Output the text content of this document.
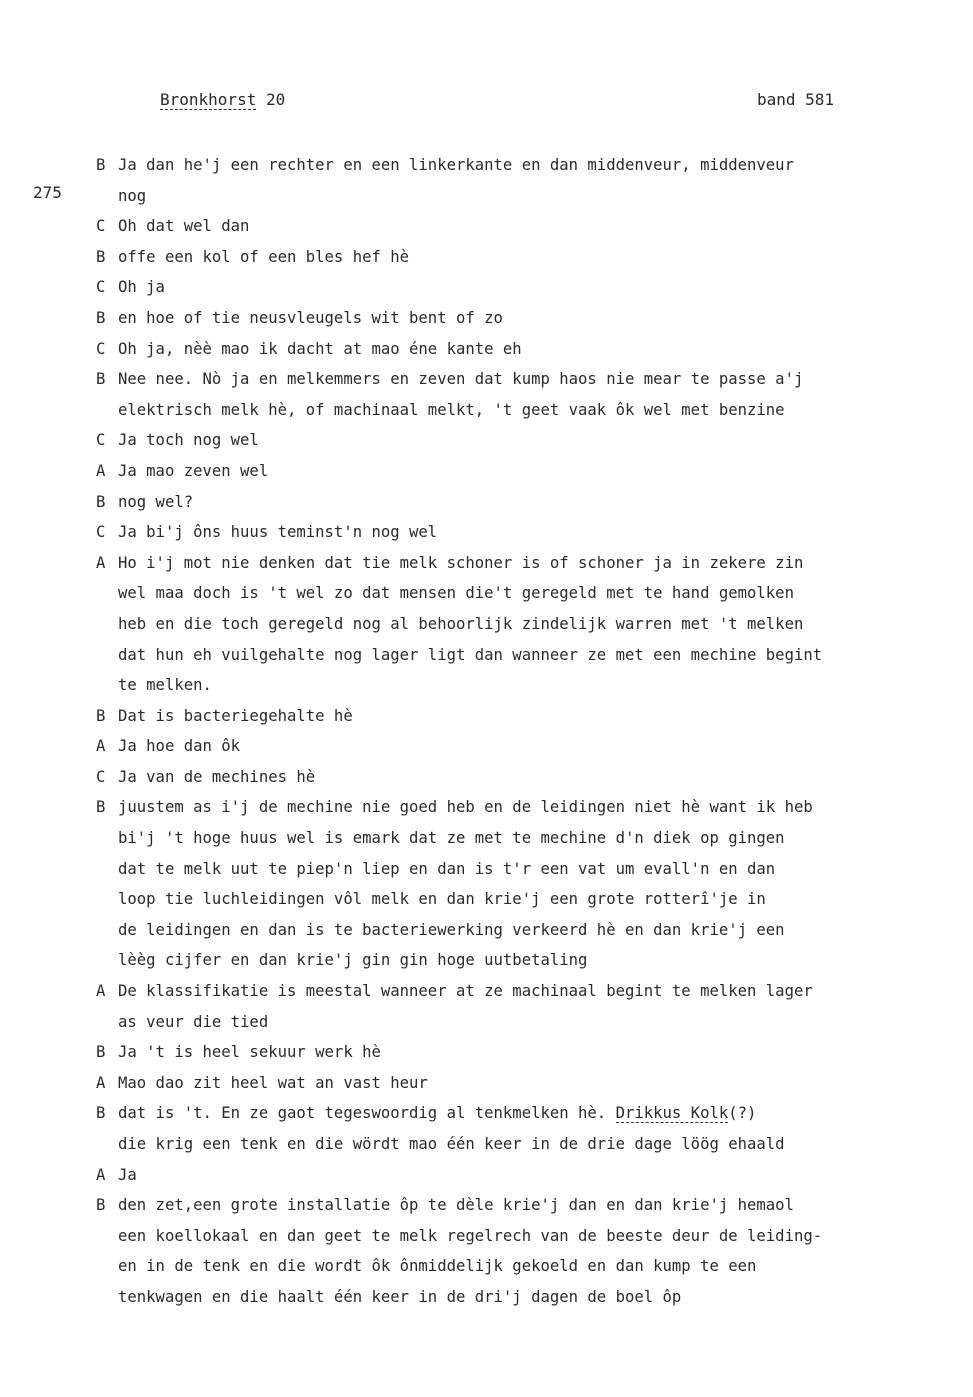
Bronkhorst 20	band 581
275
B Ja dan he'j een rechter en een linkerkante en dan middenveur, middenveur
nog
C Oh dat wel dan
B offe een kol of een bles hef hè
C Oh ja
B en hoe of tie neusvleugels wit bent of zo
C Oh ja, nèè mao ik dacht at mao éne kante eh
B Nee nee. Nò ja en melkemmers en zeven dat kump haos nie mear te passe a'j
elektrisch melk hè, of machinaal melkt, 't geet vaak ôk wel met benzine
C Ja toch nog wel
A Ja mao zeven wel
B nog wel?
C Ja bi'j ôns huus teminst'n nog wel
A Ho i'j mot nie denken dat tie melk schoner is of schoner ja in zekere zin
wel maa doch is 't wel zo dat mensen die't geregeld met te hand gemolken
heb en die toch geregeld nog al behoorlijk zindelijk warren met 't melken
dat hun eh vuilgehalte nog lager ligt dan wanneer ze met een mechine begint
te melken.
B Dat is bacteriegehalte hè
A Ja hoe dan ôk
C Ja van de mechines hè
B juustem as i'j de mechine nie goed heb en de leidingen niet hè want ik heb
bi'j 't hoge huus wel is emark dat ze met te mechine d'n diek op gingen
dat te melk uut te piep'n liep en dan is t'r een vat um evall'n en dan
loop tie luchleidingen vôl melk en dan krie'j een grote rotterî'je in
de leidingen en dan is te bacteriewerking verkeerd hè en dan krie'j een
lèèg cijfer en dan krie'j gin gin hoge uutbetaling
A De klassifikatie is meestal wanneer at ze machinaal begint te melken lager
as veur die tied
B Ja 't is heel sekuur werk hè
A Mao dao zit heel wat an vast heur
B dat is 't. En ze gaot tegeswoordig al tenkmelken hè. Drikkus Kolk(?)
die krig een tenk en die wördt mao één keer in de drie dage löög ehaald
A Ja
B den zet,een grote installatie ôp te dèle krie'j dan en dan krie'j hemaol
een koellokaal en dan geet te melk regelrech van de beeste deur de leiding-
en in de tenk en die wordt ôk ônmiddelijk gekoeld en dan kump te een
tenkwagen en die haalt één keer in de dri'j dagen de boel ôp
